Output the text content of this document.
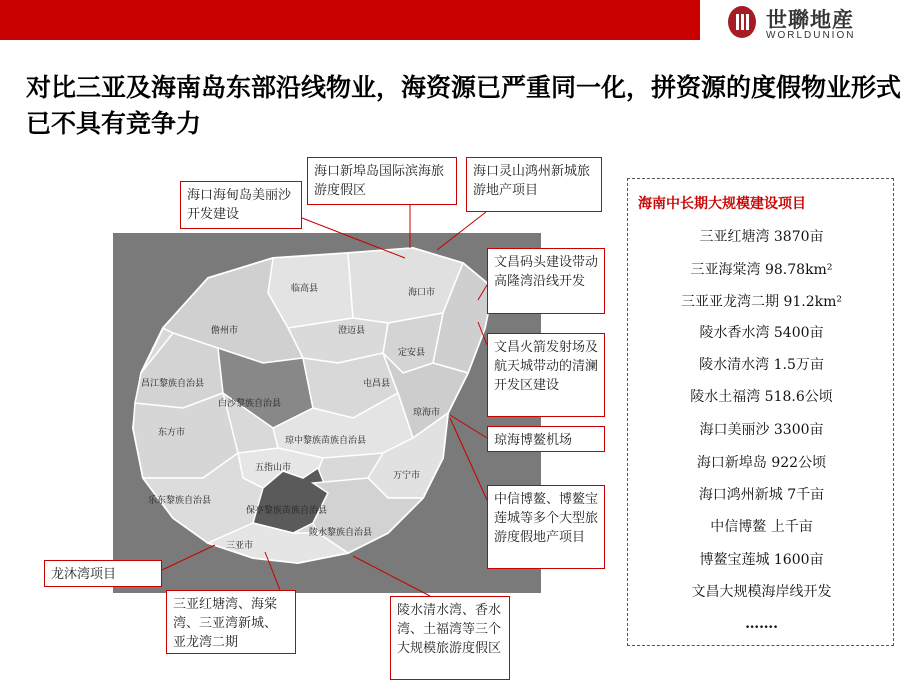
世聯地産
WORLDUNION
对比三亚及海南岛东部沿线物业，海资源已严重同一化，拼资源的度假物业形式已不具有竞争力
临高县	海口市
儋州市	澄迈县
定安县
昌江黎族自治县	屯昌县
白沙黎族自治县
琼海市
东方市
琼中黎族苗族自治县
五指山市
万宁市
乐东黎族自治县
保亭黎族苗族自治县
陵水黎族自治县
三亚市
海口海甸岛美丽沙开发建设
海口新埠岛国际滨海旅游度假区
海口灵山鸿州新城旅游地产项目
文昌码头建设带动高隆湾沿线开发
文昌火箭发射场及航天城带动的清澜开发区建设
琼海博鳌机场
中信博鳌、博鳌宝莲城等多个大型旅游度假地产项目
龙沐湾项目
三亚红塘湾、海棠湾、三亚湾新城、亚龙湾二期
陵水清水湾、香水湾、土福湾等三个大规模旅游度假区
海南中长期大规模建设项目
三亚红塘湾 3870亩
三亚海棠湾 98.78km²
三亚亚龙湾二期 91.2km²
陵水香水湾 5400亩
陵水清水湾 1.5万亩
陵水土福湾 518.6公顷
海口美丽沙 3300亩
海口新埠岛 922公顷
海口鸿州新城 7千亩
中信博鳌 上千亩
博鳌宝莲城 1600亩
文昌大规模海岸线开发
…….
